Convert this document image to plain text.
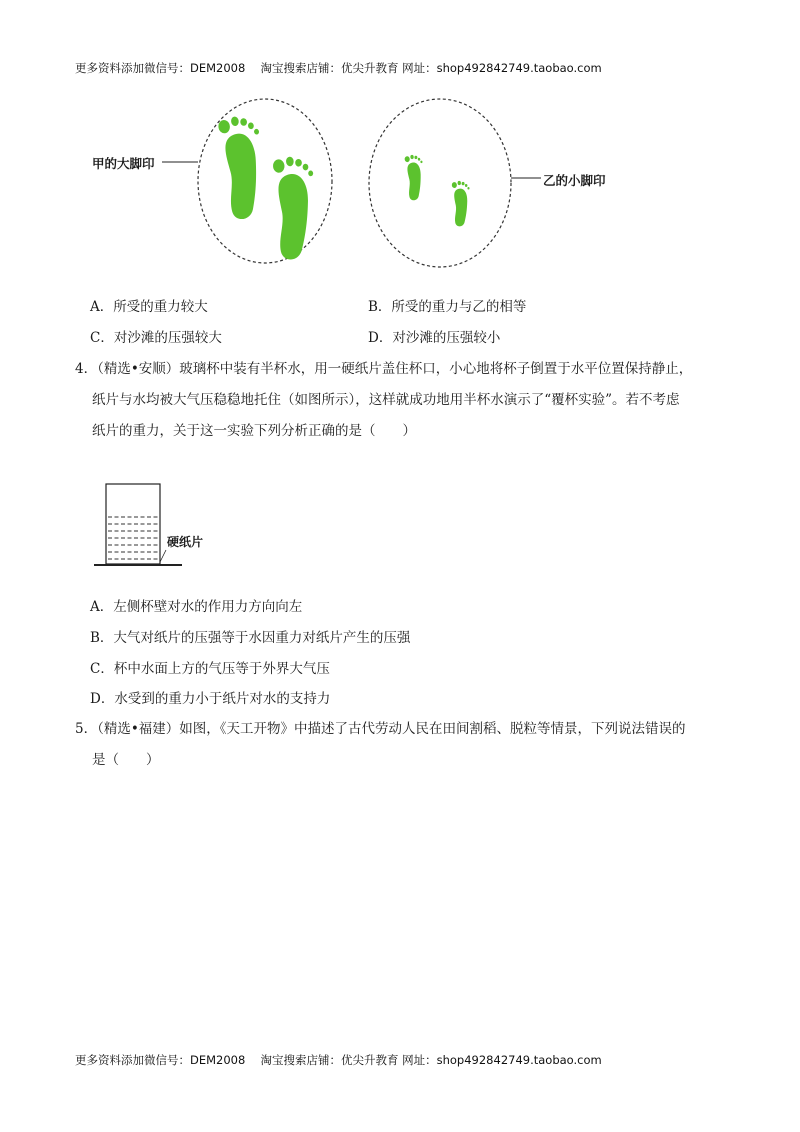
更多资料添加微信号：DEM2008　 淘宝搜索店铺：优尖升教育 网址：shop492842749.taobao.com
甲的大脚印
乙的小脚印
A．所受的重力较大	B．所受的重力与乙的相等
C．对沙滩的压强较大	D．对沙滩的压强较小
4．（精选•安顺）玻璃杯中装有半杯水，用一硬纸片盖住杯口，小心地将杯子倒置于水平位置保持静止，
纸片与水均被大气压稳稳地托住（如图所示），这样就成功地用半杯水演示了“覆杯实验”。若不考虑
纸片的重力，关于这一实验下列分析正确的是（　　）
硬纸片
A．左侧杯壁对水的作用力方向向左
B．大气对纸片的压强等于水因重力对纸片产生的压强
C．杯中水面上方的气压等于外界大气压
D．水受到的重力小于纸片对水的支持力
5．（精选•福建）如图，《天工开物》中描述了古代劳动人民在田间割稻、脱粒等情景，下列说法错误的
是（　　）
更多资料添加微信号：DEM2008　 淘宝搜索店铺：优尖升教育 网址：shop492842749.taobao.com
